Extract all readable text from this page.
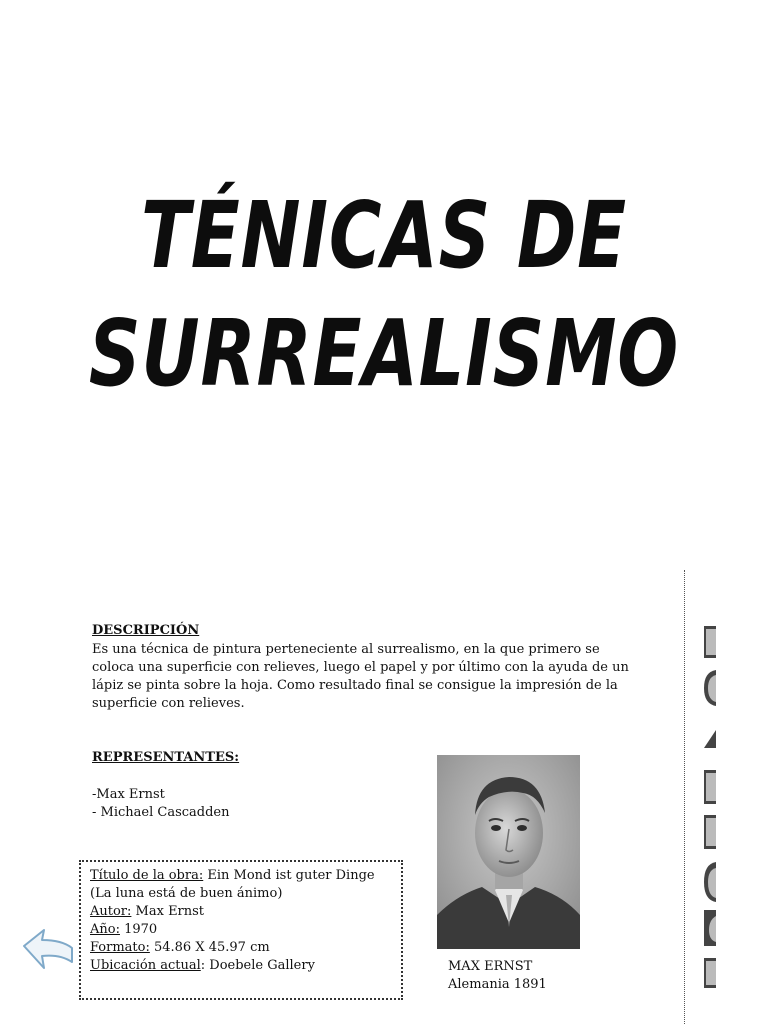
TÉNICAS DE
SURREALISMO

DESCRIPCIÓN

Es una técnica de pintura perteneciente al surrealismo, en la que primero se
coloca una superficie con relieves, luego el papel y por último con la ayuda de un
lápiz se pinta sobre la hoja. Como resultado final se consigue la impresión de la
superficie con relieves.

REPRESENTANTES:

-Max Ernst
- Michael Cascadden
Título de la obra: Ein Mond ist guter Dinge
(La luna está de buen ánimo)
Autor: Max Ernst
Año: 1970
Formato: 54.86 X 45.97 cm
Ubicación actual: Doebele Gallery	MAX ERNST
Alemania 1891
